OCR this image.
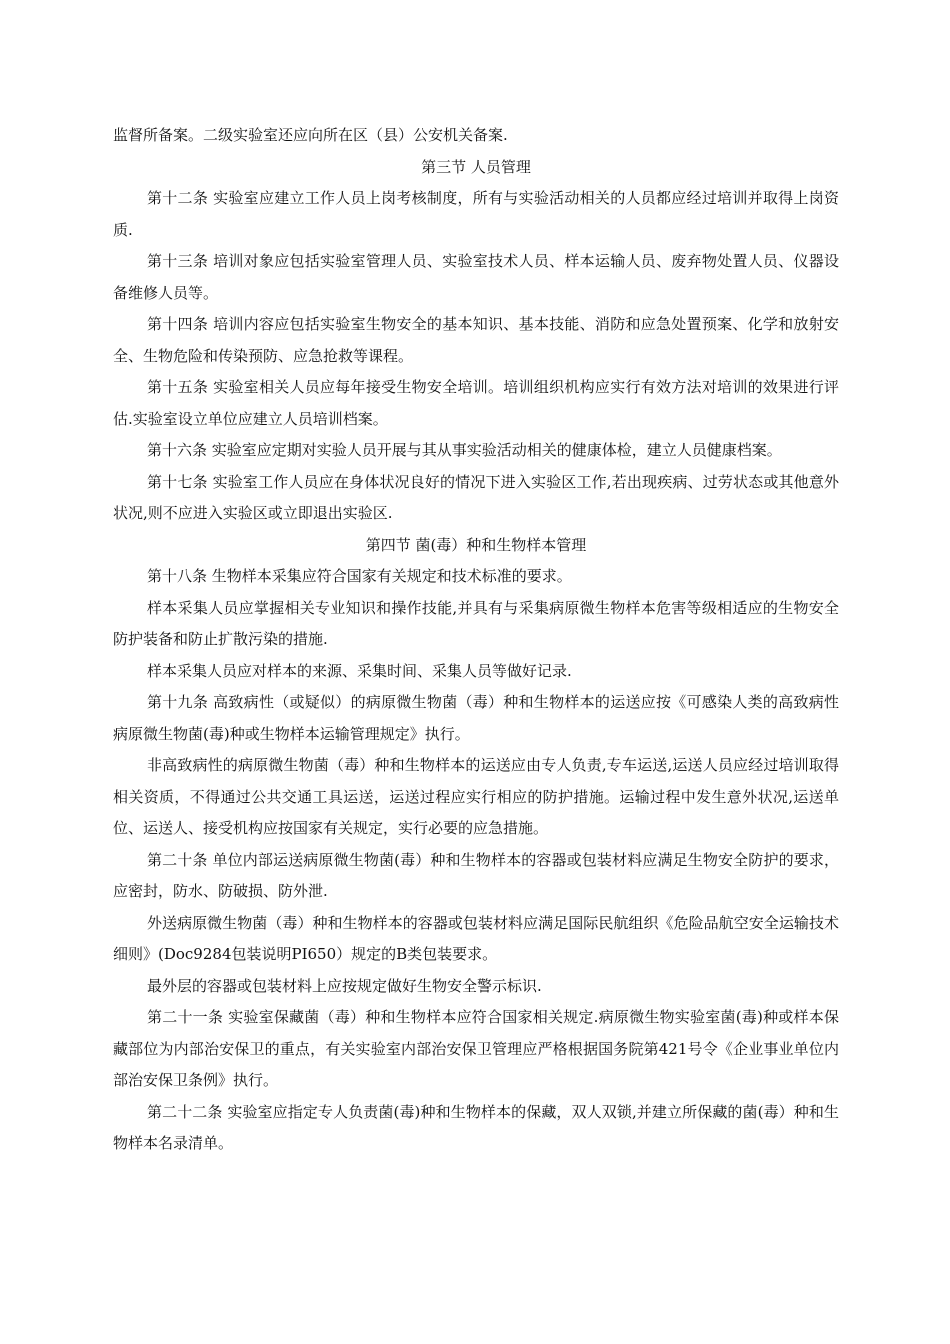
监督所备案。二级实验室还应向所在区（县）公安机关备案.

第三节 人员管理

第十二条 实验室应建立工作人员上岗考核制度，所有与实验活动相关的人员都应经过培训并取得上岗资质.

第十三条 培训对象应包括实验室管理人员、实验室技术人员、样本运输人员、废弃物处置人员、仪器设备维修人员等。

第十四条 培训内容应包括实验室生物安全的基本知识、基本技能、消防和应急处置预案、化学和放射安全、生物危险和传染预防、应急抢救等课程。

第十五条 实验室相关人员应每年接受生物安全培训。培训组织机构应实行有效方法对培训的效果进行评估.实验室设立单位应建立人员培训档案。

第十六条 实验室应定期对实验人员开展与其从事实验活动相关的健康体检，建立人员健康档案。

第十七条 实验室工作人员应在身体状况良好的情况下进入实验区工作,若出现疾病、过劳状态或其他意外状况,则不应进入实验区或立即退出实验区.

第四节 菌(毒）种和生物样本管理

第十八条 生物样本采集应符合国家有关规定和技术标准的要求。

样本采集人员应掌握相关专业知识和操作技能,并具有与采集病原微生物样本危害等级相适应的生物安全防护装备和防止扩散污染的措施.

样本采集人员应对样本的来源、采集时间、采集人员等做好记录.

第十九条 高致病性（或疑似）的病原微生物菌（毒）种和生物样本的运送应按《可感染人类的高致病性病原微生物菌(毒)种或生物样本运输管理规定》执行。

非高致病性的病原微生物菌（毒）种和生物样本的运送应由专人负责,专车运送,运送人员应经过培训取得相关资质，不得通过公共交通工具运送，运送过程应实行相应的防护措施。运输过程中发生意外状况,运送单位、运送人、接受机构应按国家有关规定，实行必要的应急措施。

第二十条 单位内部运送病原微生物菌(毒）种和生物样本的容器或包装材料应满足生物安全防护的要求，应密封，防水、防破损、防外泄.

外送病原微生物菌（毒）种和生物样本的容器或包装材料应满足国际民航组织《危险品航空安全运输技术细则》(Doc9284包装说明PI650）规定的B类包装要求。

最外层的容器或包装材料上应按规定做好生物安全警示标识.

第二十一条 实验室保藏菌（毒）种和生物样本应符合国家相关规定.病原微生物实验室菌(毒)种或样本保藏部位为内部治安保卫的重点，有关实验室内部治安保卫管理应严格根据国务院第421号令《企业事业单位内部治安保卫条例》执行。

第二十二条 实验室应指定专人负责菌(毒)种和生物样本的保藏，双人双锁,并建立所保藏的菌(毒）种和生物样本名录清单。
